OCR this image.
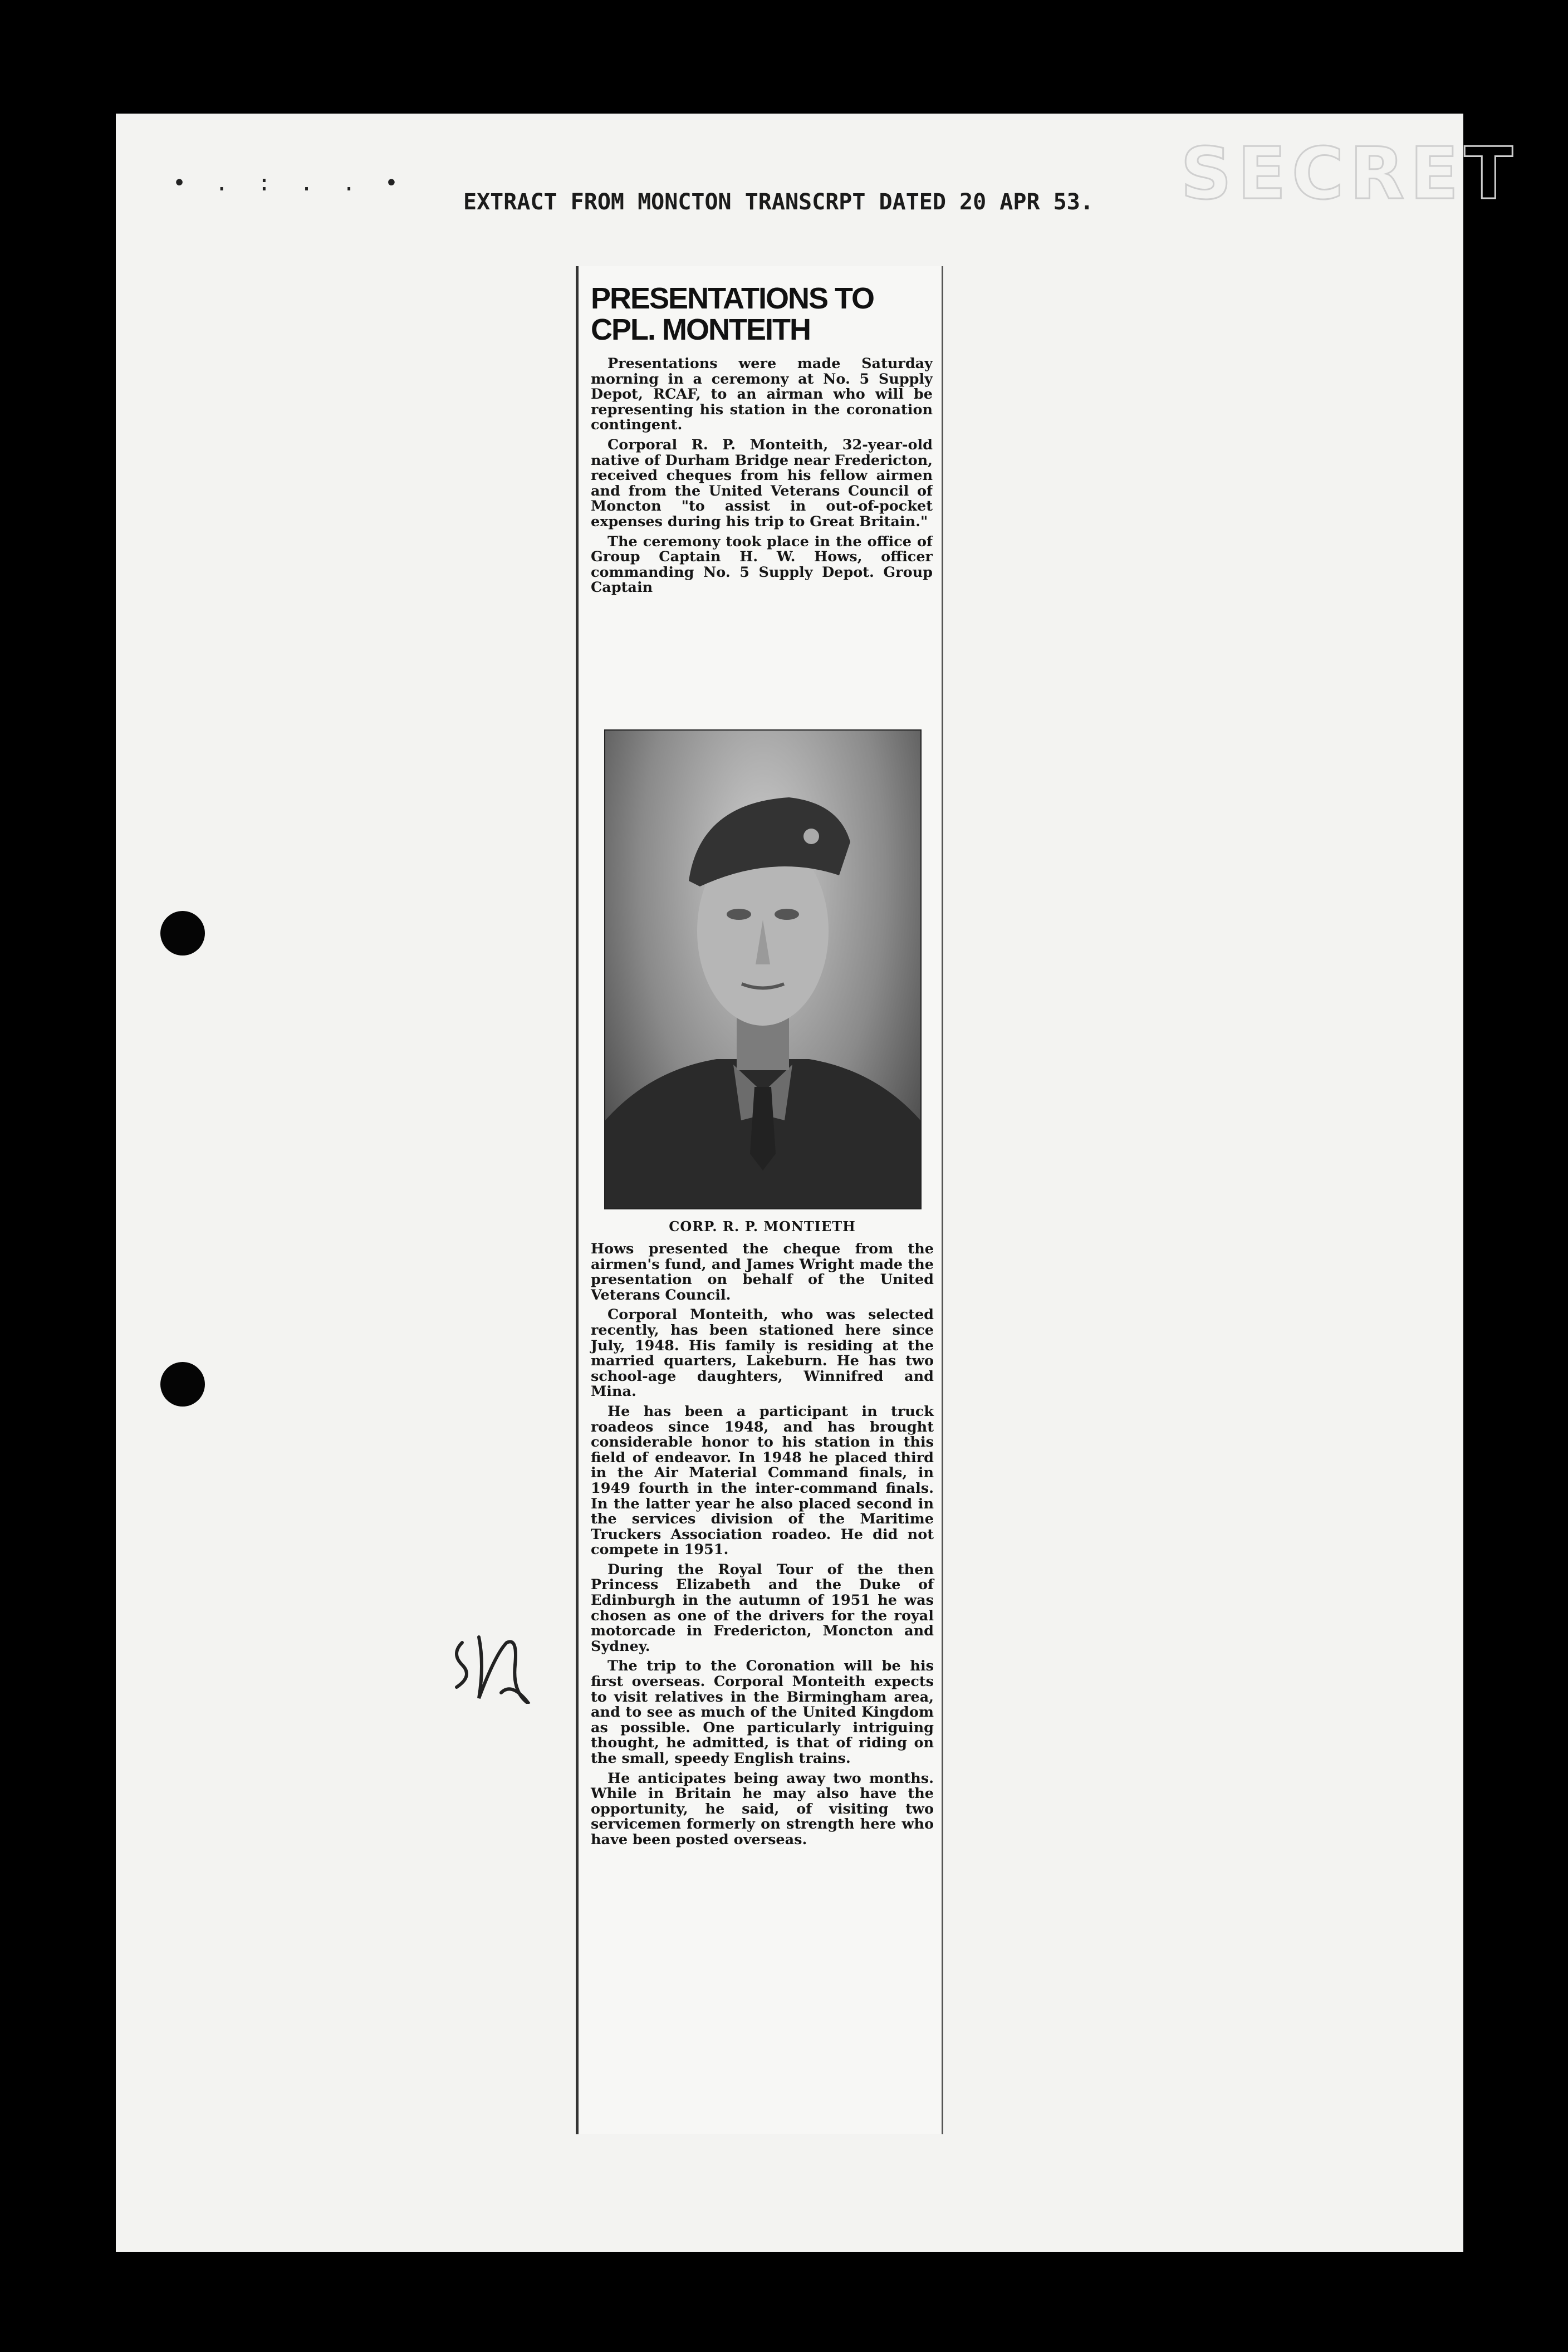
• . : . . •
EXTRACT FROM MONCTON TRANSCRPT DATED 20 APR 53.	SECRET
PRESENTATIONS TO CPL. MONTEITH

Presentations were made Saturday morning in a ceremony at No. 5 Supply Depot, RCAF, to an airman who will be representing his station in the coronation contingent.

Corporal R. P. Monteith, 32-year-old native of Durham Bridge near Fredericton, received cheques from his fellow airmen and from the United Veterans Council of Moncton "to assist in out-of-pocket expenses during his trip to Great Britain."

The ceremony took place in the office of Group Captain H. W. Hows, officer commanding No. 5 Supply Depot. Group Captain

CORP. R. P. MONTIETH

Hows presented the cheque from the airmen's fund, and James Wright made the presentation on behalf of the United Veterans Council.

Corporal Monteith, who was selected recently, has been stationed here since July, 1948. His family is residing at the married quarters, Lakeburn. He has two school-age daughters, Winnifred and Mina.

He has been a participant in truck roadeos since 1948, and has brought considerable honor to his station in this field of endeavor. In 1948 he placed third in the Air Material Command finals, in 1949 fourth in the inter-command finals. In the latter year he also placed second in the services division of the Maritime Truckers Association roadeo. He did not compete in 1951.

During the Royal Tour of the then Princess Elizabeth and the Duke of Edinburgh in the autumn of 1951 he was chosen as one of the drivers for the royal motorcade in Fredericton, Moncton and Sydney.

The trip to the Coronation will be his first overseas. Corporal Monteith expects to visit relatives in the Birmingham area, and to see as much of the United Kingdom as possible. One particularly intriguing thought, he admitted, is that of riding on the small, speedy English trains.

He anticipates being away two months. While in Britain he may also have the opportunity, he said, of visiting two servicemen formerly on strength here who have been posted overseas.
